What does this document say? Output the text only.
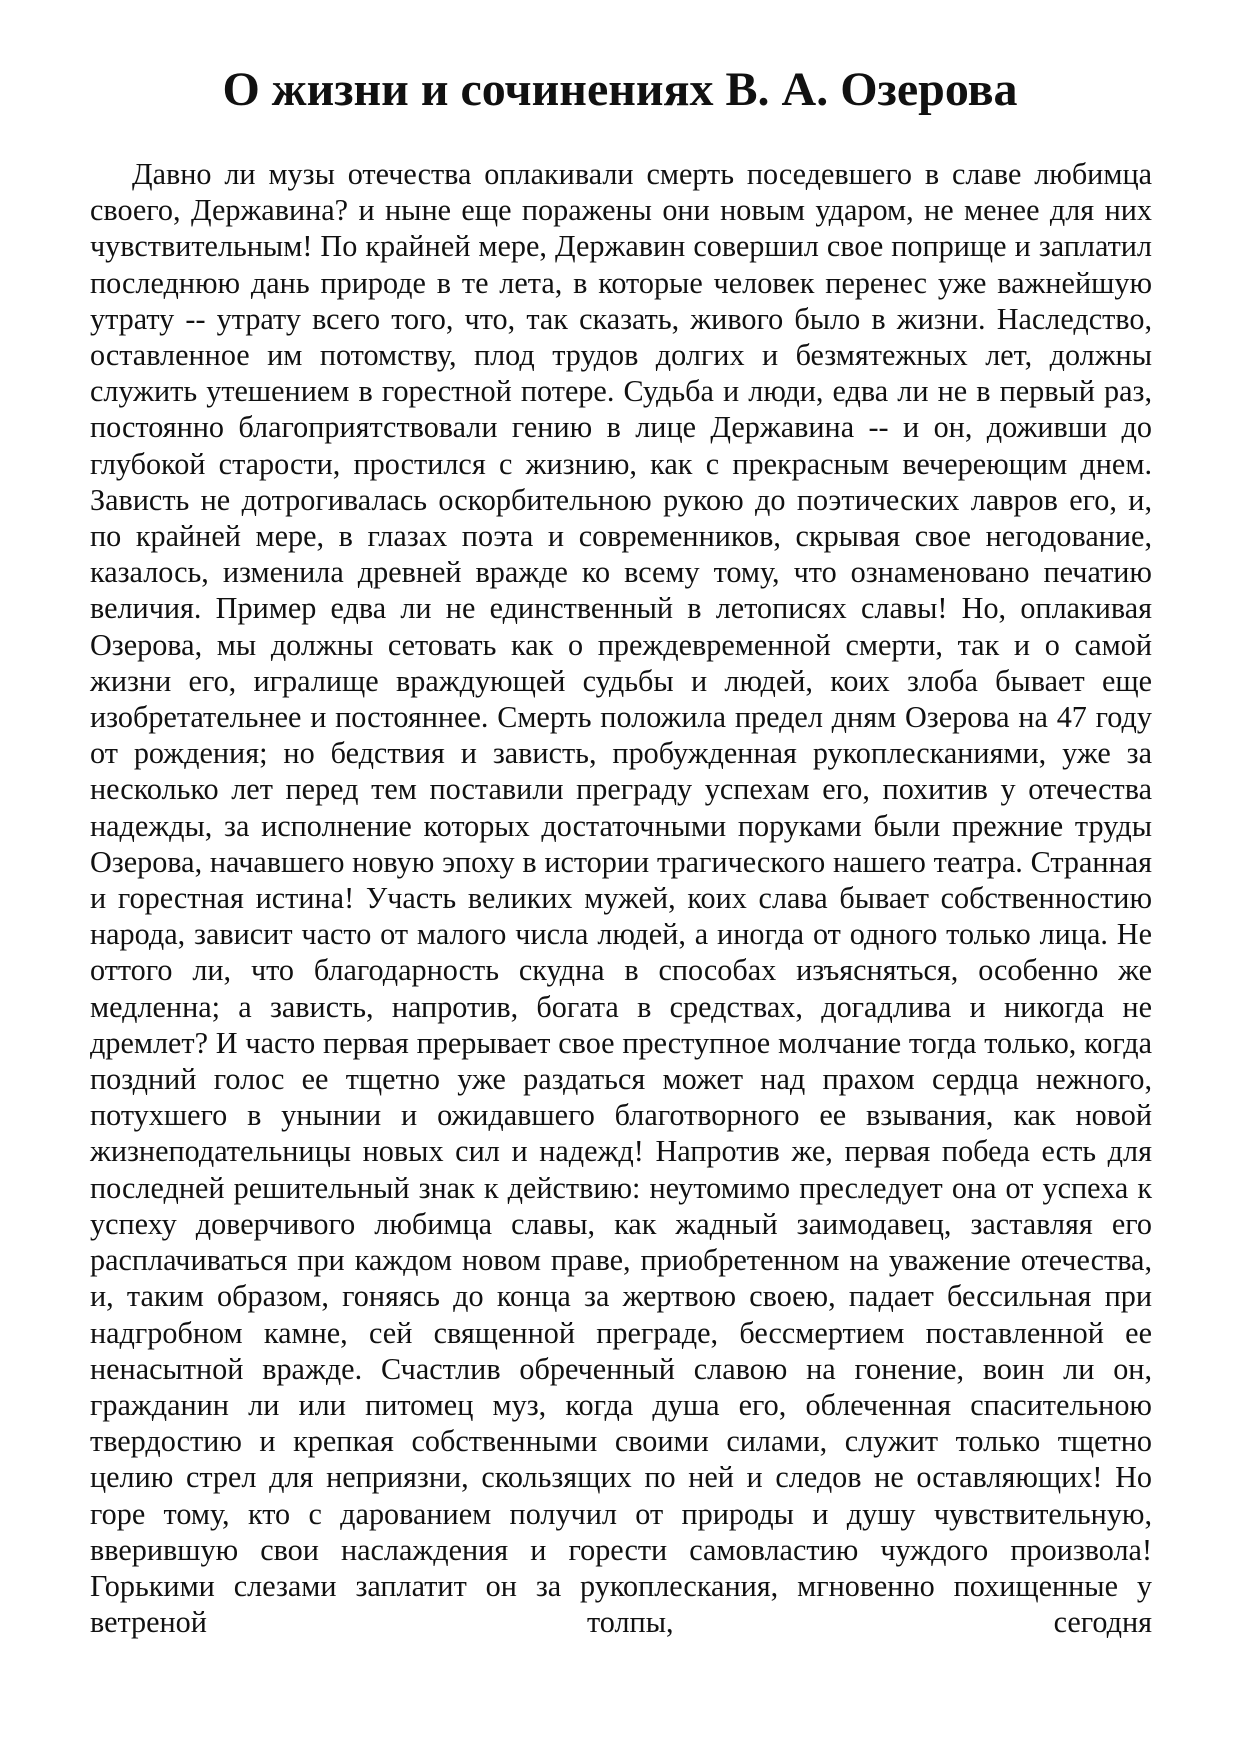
О жизни и сочинениях В. А. Озерова

Давно ли музы отечества оплакивали смерть поседевшего в славе любимца своего, Державина? и ныне еще поражены они новым ударом, не менее для них чувствительным! По крайней мере, Державин совершил свое поприще и заплатил последнюю дань природе в те лета, в которые человек перенес уже важнейшую утрату -- утрату всего того, что, так сказать, живого было в жизни. Наследство, оставленное им потомству, плод трудов долгих и безмятежных лет, должны служить утешением в горестной потере. Судьба и люди, едва ли не в первый раз, постоянно благоприятствовали гению в лице Державина -- и он, доживши до глубокой старости, простился с жизнию, как с прекрасным вечереющим днем. Зависть не дотрогивалась оскорбительною рукою до поэтических лавров его, и, по крайней мере, в глазах поэта и современников, скрывая свое негодование, казалось, изменила древней вражде ко всему тому, что ознаменовано печатию величия. Пример едва ли не единственный в летописях славы! Но, оплакивая Озерова, мы должны сетовать как о преждевременной смерти, так и о самой жизни его, игралище враждующей судьбы и людей, коих злоба бывает еще изобретательнее и постояннее. Смерть положила предел дням Озерова на 47 году от рождения; но бедствия и зависть, пробужденная рукоплесканиями, уже за несколько лет перед тем поставили преграду успехам его, похитив у отечества надежды, за исполнение которых достаточными поруками были прежние труды Озерова, начавшего новую эпоху в истории трагического нашего театра. Странная и горестная истина! Участь великих мужей, коих слава бывает собственностию народа, зависит часто от малого числа людей, а иногда от одного только лица. Не оттого ли, что благодарность скудна в способах изъясняться, особенно же медленна; а зависть, напротив, богата в средствах, догадлива и никогда не дремлет? И часто первая прерывает свое преступное молчание тогда только, когда поздний голос ее тщетно уже раздаться может над прахом сердца нежного, потухшего в унынии и ожидавшего благотворного ее взывания, как новой жизнеподательницы новых сил и надежд! Напротив же, первая победа есть для последней решительный знак к действию: неутомимо преследует она от успеха к успеху доверчивого любимца славы, как жадный заимодавец, заставляя его расплачиваться при каждом новом праве, приобретенном на уважение отечества, и, таким образом, гоняясь до конца за жертвою своею, падает бессильная при надгробном камне, сей священной преграде, бессмертием поставленной ее ненасытной вражде. Счастлив обреченный славою на гонение, воин ли он, гражданин ли или питомец муз, когда душа его, облеченная спасительною твердостию и крепкая собственными своими силами, служит только тщетно целию стрел для неприязни, скользящих по ней и следов не оставляющих! Но горе тому, кто с дарованием получил от природы и душу чувствительную, вверившую свои наслаждения и горести самовластию чуждого произвола! Горькими слезами заплатит он за рукоплескания, мгновенно похищенные у ветреной толпы, сегодня
